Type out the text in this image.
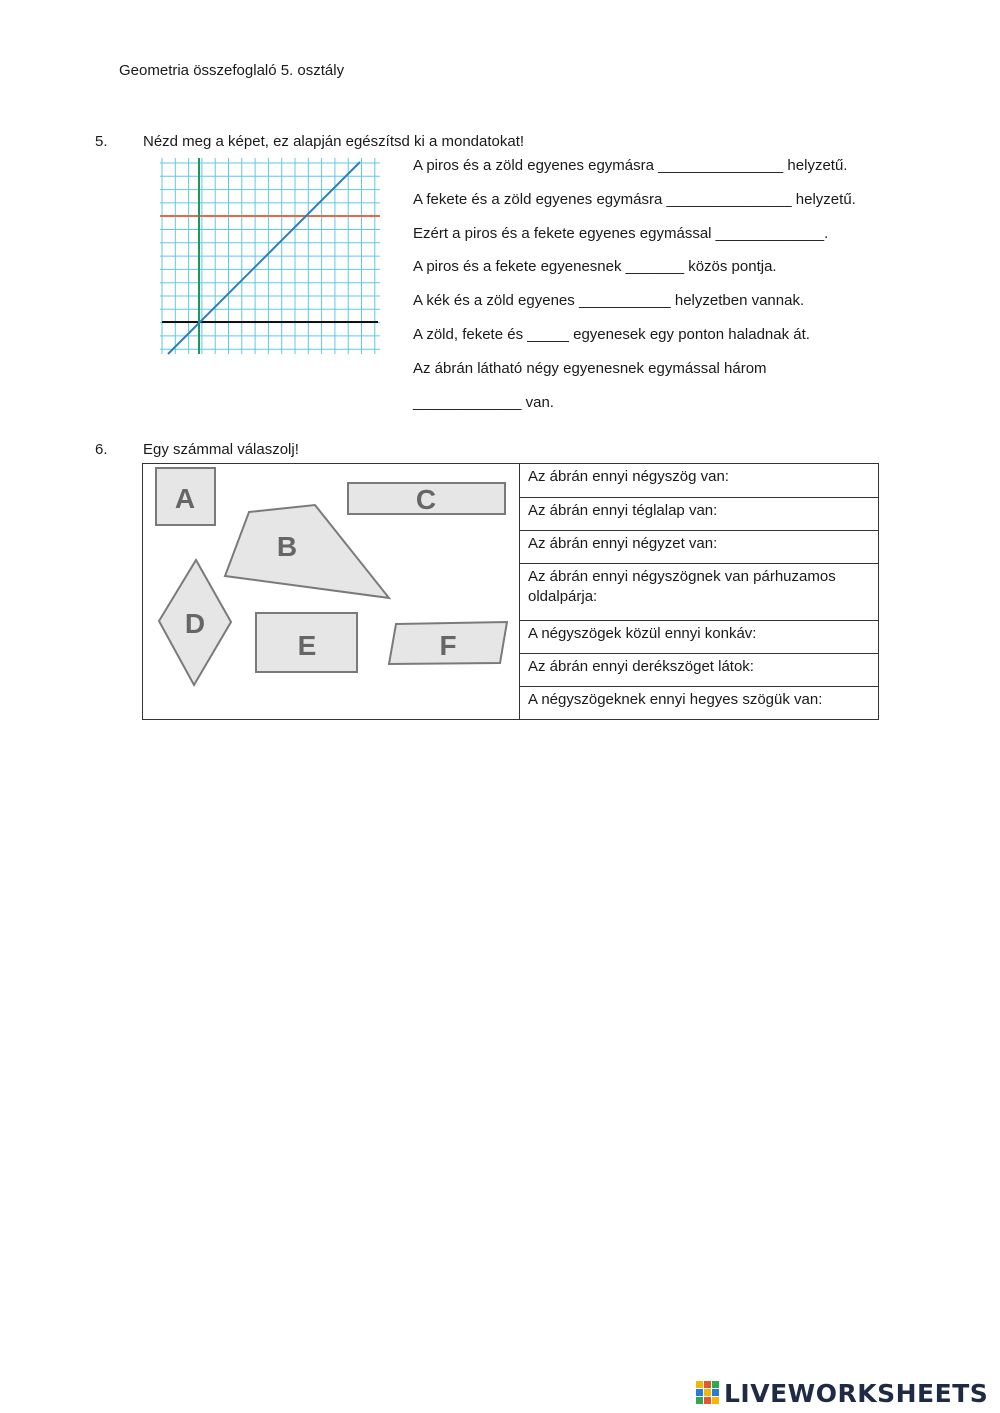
Geometria összefoglaló 5. osztály
5. Nézd meg a képet, ez alapján egészítsd ki a mondatokat!
A piros és a zöld egyenes egymásra _______________ helyzetű.
A fekete és a zöld egyenes egymásra _______________ helyzetű.
Ezért a piros és a fekete egyenes egymással _____________.
A piros és a fekete egyenesnek _______ közös pontja.
A kék és a zöld egyenes ___________ helyzetben vannak.
A zöld, fekete és _____ egyenesek egy ponton haladnak át.
Az ábrán látható négy egyenesnek egymással három
_____________ van.
6. Egy számmal válaszolj!
A	C
B
D
E	F
Az ábrán ennyi négyszög van:
Az ábrán ennyi téglalap van:
Az ábrán ennyi négyzet van:
Az ábrán ennyi négyszögnek van párhuzamos oldalpárja:
A négyszögek közül ennyi konkáv:
Az ábrán ennyi derékszöget látok:
A négyszögeknek ennyi hegyes szögük van:
LIVEWORKSHEETS
